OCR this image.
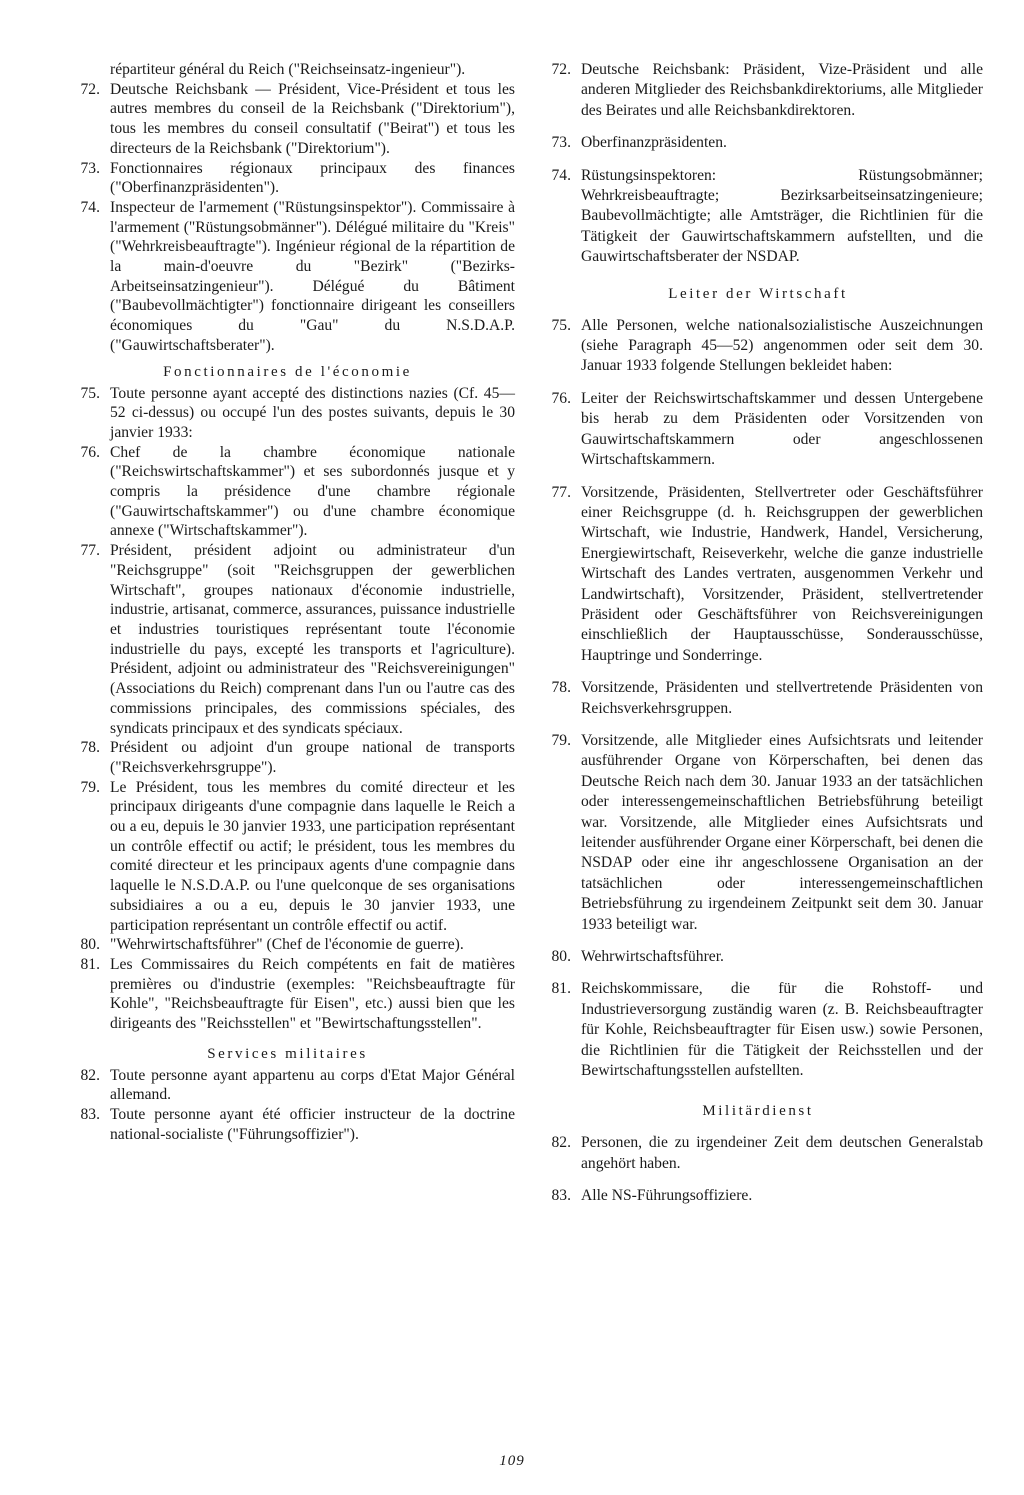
répartiteur général du Reich ("Reichseinsatz-ingenieur").
72. Deutsche Reichsbank — Président, Vice-Président et tous les autres membres du conseil de la Reichsbank ("Direktorium"), tous les membres du conseil consultatif ("Beirat") et tous les directeurs de la Reichsbank ("Direktorium").
73. Fonctionnaires régionaux principaux des finances ("Oberfinanzpräsidenten").
74. Inspecteur de l'armement ("Rüstungsinspektor"). Commissaire à l'armement ("Rüstungsobmänner"). Délégué militaire du "Kreis" ("Wehrkreisbeauftragte"). Ingénieur régional de la répartition de la main-d'oeuvre du "Bezirk" ("Bezirks-Arbeitseinsatzingenieur"). Délégué du Bâtiment ("Baubevollmächtigter") fonctionnaire dirigeant les conseillers économiques du "Gau" du N.S.D.A.P. ("Gauwirtschaftsberater").
Fonctionnaires de l'économie
75. Toute personne ayant accepté des distinctions nazies (Cf. 45—52 ci-dessus) ou occupé l'un des postes suivants, depuis le 30 janvier 1933:
76. Chef de la chambre économique nationale ("Reichswirtschaftskammer") et ses subordonnés jusque et y compris la présidence d'une chambre régionale ("Gauwirtschaftskammer") ou d'une chambre économique annexe ("Wirtschaftskammer").
77. Président, président adjoint ou administrateur d'un "Reichsgruppe" (soit "Reichsgruppen der gewerblichen Wirtschaft", groupes nationaux d'économie industrielle, industrie, artisanat, commerce, assurances, puissance industrielle et industries touristiques représentant toute l'économie industrielle du pays, excepté les transports et l'agriculture). Président, adjoint ou administrateur des "Reichsvereinigungen" (Associations du Reich) comprenant dans l'un ou l'autre cas des commissions principales, des commissions spéciales, des syndicats principaux et des syndicats spéciaux.
78. Président ou adjoint d'un groupe national de transports ("Reichsverkehrsgruppe").
79. Le Président, tous les membres du comité directeur et les principaux dirigeants d'une compagnie dans laquelle le Reich a ou a eu, depuis le 30 janvier 1933, une participation représentant un contrôle effectif ou actif; le président, tous les membres du comité directeur et les principaux agents d'une compagnie dans laquelle le N.S.D.A.P. ou l'une quelconque de ses organisations subsidiaires a ou a eu, depuis le 30 janvier 1933, une participation représentant un contrôle effectif ou actif.
80. "Wehrwirtschaftsführer" (Chef de l'économie de guerre).
81. Les Commissaires du Reich compétents en fait de matières premières ou d'industrie (exemples: "Reichsbeauftragte für Kohle", "Reichsbeauftragte für Eisen", etc.) aussi bien que les dirigeants des "Reichsstellen" et "Bewirtschaftungsstellen".
Services militaires
82. Toute personne ayant appartenu au corps d'Etat Major Général allemand.
83. Toute personne ayant été officier instructeur de la doctrine national-socialiste ("Führungsoffizier").
72. Deutsche Reichsbank: Präsident, Vize-Präsident und alle anderen Mitglieder des Reichsbankdirektoriums, alle Mitglieder des Beirates und alle Reichsbankdirektoren.
73. Oberfinanzpräsidenten.
74. Rüstungsinspektoren: Rüstungsobmänner; Wehrkreisbeauftragte; Bezirksarbeitseinsatzingenieure; Baubevollmächtigte; alle Amtsträger, die Richtlinien für die Tätigkeit der Gauwirtschaftskammern aufstellten, und die Gauwirtschaftsberater der NSDAP.
Leiter der Wirtschaft
75. Alle Personen, welche nationalsozialistische Auszeichnungen (siehe Paragraph 45—52) angenommen oder seit dem 30. Januar 1933 folgende Stellungen bekleidet haben:
76. Leiter der Reichswirtschaftskammer und dessen Untergebene bis herab zu dem Präsidenten oder Vorsitzenden von Gauwirtschaftskammern oder angeschlossenen Wirtschaftskammern.
77. Vorsitzende, Präsidenten, Stellvertreter oder Geschäftsführer einer Reichsgruppe (d. h. Reichsgruppen der gewerblichen Wirtschaft, wie Industrie, Handwerk, Handel, Versicherung, Energiewirtschaft, Reiseverkehr, welche die ganze industrielle Wirtschaft des Landes vertraten, ausgenommen Verkehr und Landwirtschaft), Vorsitzender, Präsident, stellvertretender Präsident oder Geschäftsführer von Reichsvereinigungen einschließlich der Hauptausschüsse, Sonderausschüsse, Hauptringe und Sonderringe.
78. Vorsitzende, Präsidenten und stellvertretende Präsidenten von Reichsverkehrsgruppen.
79. Vorsitzende, alle Mitglieder eines Aufsichtsrats und leitender ausführender Organe von Körperschaften, bei denen das Deutsche Reich nach dem 30. Januar 1933 an der tatsächlichen oder interessengemeinschaftlichen Betriebsführung beteiligt war. Vorsitzende, alle Mitglieder eines Aufsichtsrats und leitender ausführender Organe einer Körperschaft, bei denen die NSDAP oder eine ihr angeschlossene Organisation an der tatsächlichen oder interessengemeinschaftlichen Betriebsführung zu irgendeinem Zeitpunkt seit dem 30. Januar 1933 beteiligt war.
80. Wehrwirtschaftsführer.
81. Reichskommissare, die für die Rohstoff- und Industrieversorgung zuständig waren (z. B. Reichsbeauftragter für Kohle, Reichsbeauftragter für Eisen usw.) sowie Personen, die Richtlinien für die Tätigkeit der Reichsstellen und der Bewirtschaftungsstellen aufstellten.
Militärdienst
82. Personen, die zu irgendeiner Zeit dem deutschen Generalstab angehört haben.
83. Alle NS-Führungsoffiziere.
109
